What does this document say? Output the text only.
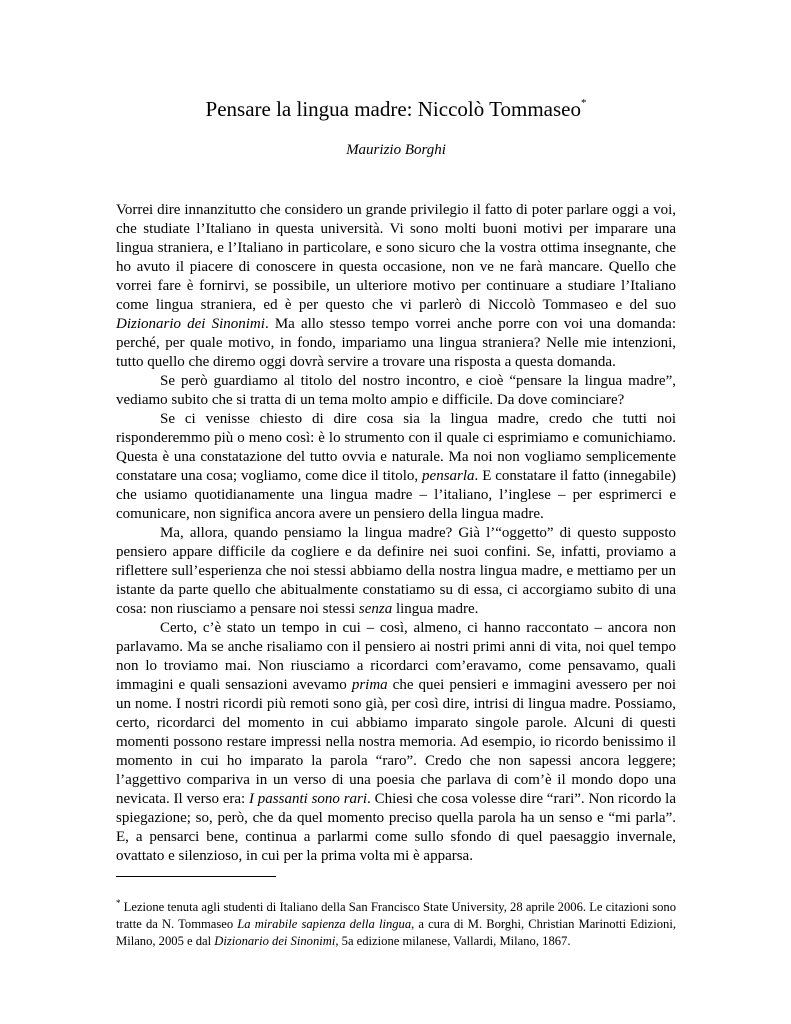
Pensare la lingua madre: Niccolò Tommaseo*

Maurizio Borghi

Vorrei dire innanzitutto che considero un grande privilegio il fatto di poter parlare oggi a voi, che studiate l’Italiano in questa università. Vi sono molti buoni motivi per imparare una lingua straniera, e l’Italiano in particolare, e sono sicuro che la vostra ottima insegnante, che ho avuto il piacere di conoscere in questa occasione, non ve ne farà mancare. Quello che vorrei fare è fornirvi, se possibile, un ulteriore motivo per continuare a studiare l’Italiano come lingua straniera, ed è per questo che vi parlerò di Niccolò Tommaseo e del suo Dizionario dei Sinonimi. Ma allo stesso tempo vorrei anche porre con voi una domanda: perché, per quale motivo, in fondo, impariamo una lingua straniera? Nelle mie intenzioni, tutto quello che diremo oggi dovrà servire a trovare una risposta a questa domanda.

Se però guardiamo al titolo del nostro incontro, e cioè “pensare la lingua madre”, vediamo subito che si tratta di un tema molto ampio e difficile. Da dove cominciare?

Se ci venisse chiesto di dire cosa sia la lingua madre, credo che tutti noi risponderemmo più o meno così: è lo strumento con il quale ci esprimiamo e comunichiamo. Questa è una constatazione del tutto ovvia e naturale. Ma noi non vogliamo semplicemente constatare una cosa; vogliamo, come dice il titolo, pensarla. E constatare il fatto (innegabile) che usiamo quotidianamente una lingua madre – l’italiano, l’inglese – per esprimerci e comunicare, non significa ancora avere un pensiero della lingua madre.

Ma, allora, quando pensiamo la lingua madre? Già l’“oggetto” di questo supposto pensiero appare difficile da cogliere e da definire nei suoi confini. Se, infatti, proviamo a riflettere sull’esperienza che noi stessi abbiamo della nostra lingua madre, e mettiamo per un istante da parte quello che abitualmente constatiamo su di essa, ci accorgiamo subito di una cosa: non riusciamo a pensare noi stessi senza lingua madre.

Certo, c’è stato un tempo in cui – così, almeno, ci hanno raccontato – ancora non parlavamo. Ma se anche risaliamo con il pensiero ai nostri primi anni di vita, noi quel tempo non lo troviamo mai. Non riusciamo a ricordarci com’eravamo, come pensavamo, quali immagini e quali sensazioni avevamo prima che quei pensieri e immagini avessero per noi un nome. I nostri ricordi più remoti sono già, per così dire, intrisi di lingua madre. Possiamo, certo, ricordarci del momento in cui abbiamo imparato singole parole. Alcuni di questi momenti possono restare impressi nella nostra memoria. Ad esempio, io ricordo benissimo il momento in cui ho imparato la parola “raro”. Credo che non sapessi ancora leggere; l’aggettivo compariva in un verso di una poesia che parlava di com’è il mondo dopo una nevicata. Il verso era: I passanti sono rari. Chiesi che cosa volesse dire “rari”. Non ricordo la spiegazione; so, però, che da quel momento preciso quella parola ha un senso e “mi parla”. E, a pensarci bene, continua a parlarmi come sullo sfondo di quel paesaggio invernale, ovattato e silenzioso, in cui per la prima volta mi è apparsa.

* Lezione tenuta agli studenti di Italiano della San Francisco State University, 28 aprile 2006. Le citazioni sono tratte da N. Tommaseo La mirabile sapienza della lingua, a cura di M. Borghi, Christian Marinotti Edizioni, Milano, 2005 e dal Dizionario dei Sinonimi, 5a edizione milanese, Vallardi, Milano, 1867.
